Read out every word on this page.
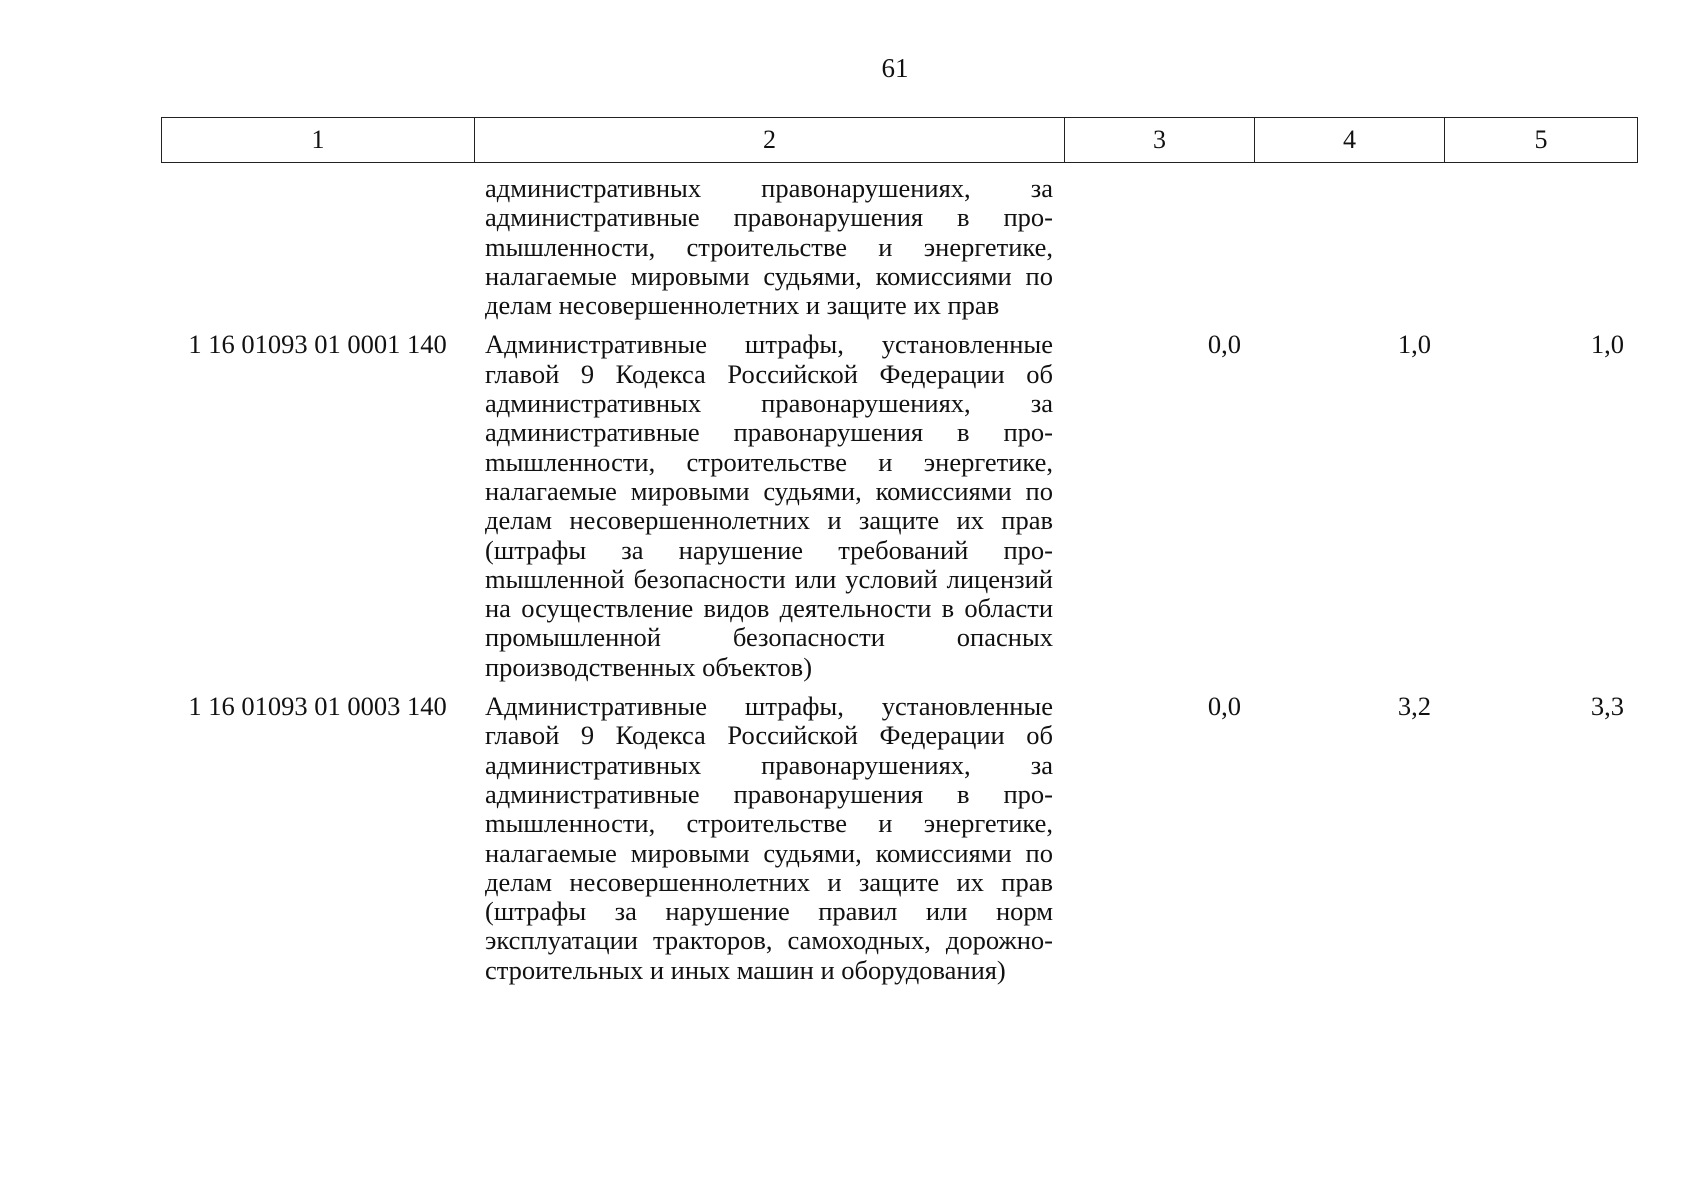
61
1	2	3	4	5

	административных правонарушениях, за административные правонарушения в проmышленности, строительстве и энергетике, налагаемые мировыми судьями, комиссиями по делам несовершеннолетних и защите их прав			

1 16 01093 01 0001 140	Административные штрафы, установленные главой 9 Кодекса Российской Федерации об административных правонарушениях, за административные правонарушения в проmышленности, строительстве и энергетике, налагаемые мировыми судьями, комиссиями по делам несовершеннолетних и защите их прав (штрафы за нарушение требований проmышленной безопасности или условий лицензий на осуществление видов деятельности в области промышленной безопасности опасных производственных объектов)	0,0	1,0	1,0
1 16 01093 01 0003 140	Административные штрафы, установленные главой 9 Кодекса Российской Федерации об административных правонарушениях, за административные правонарушения в проmышленности, строительстве и энергетике, налагаемые мировыми судьями, комиссиями по делам несовершеннолетних и защите их прав (штрафы за нарушение правил или норм эксплуатации тракторов, самоходных, дорожно-строительных и иных машин и оборудования)	0,0	3,2	3,3
